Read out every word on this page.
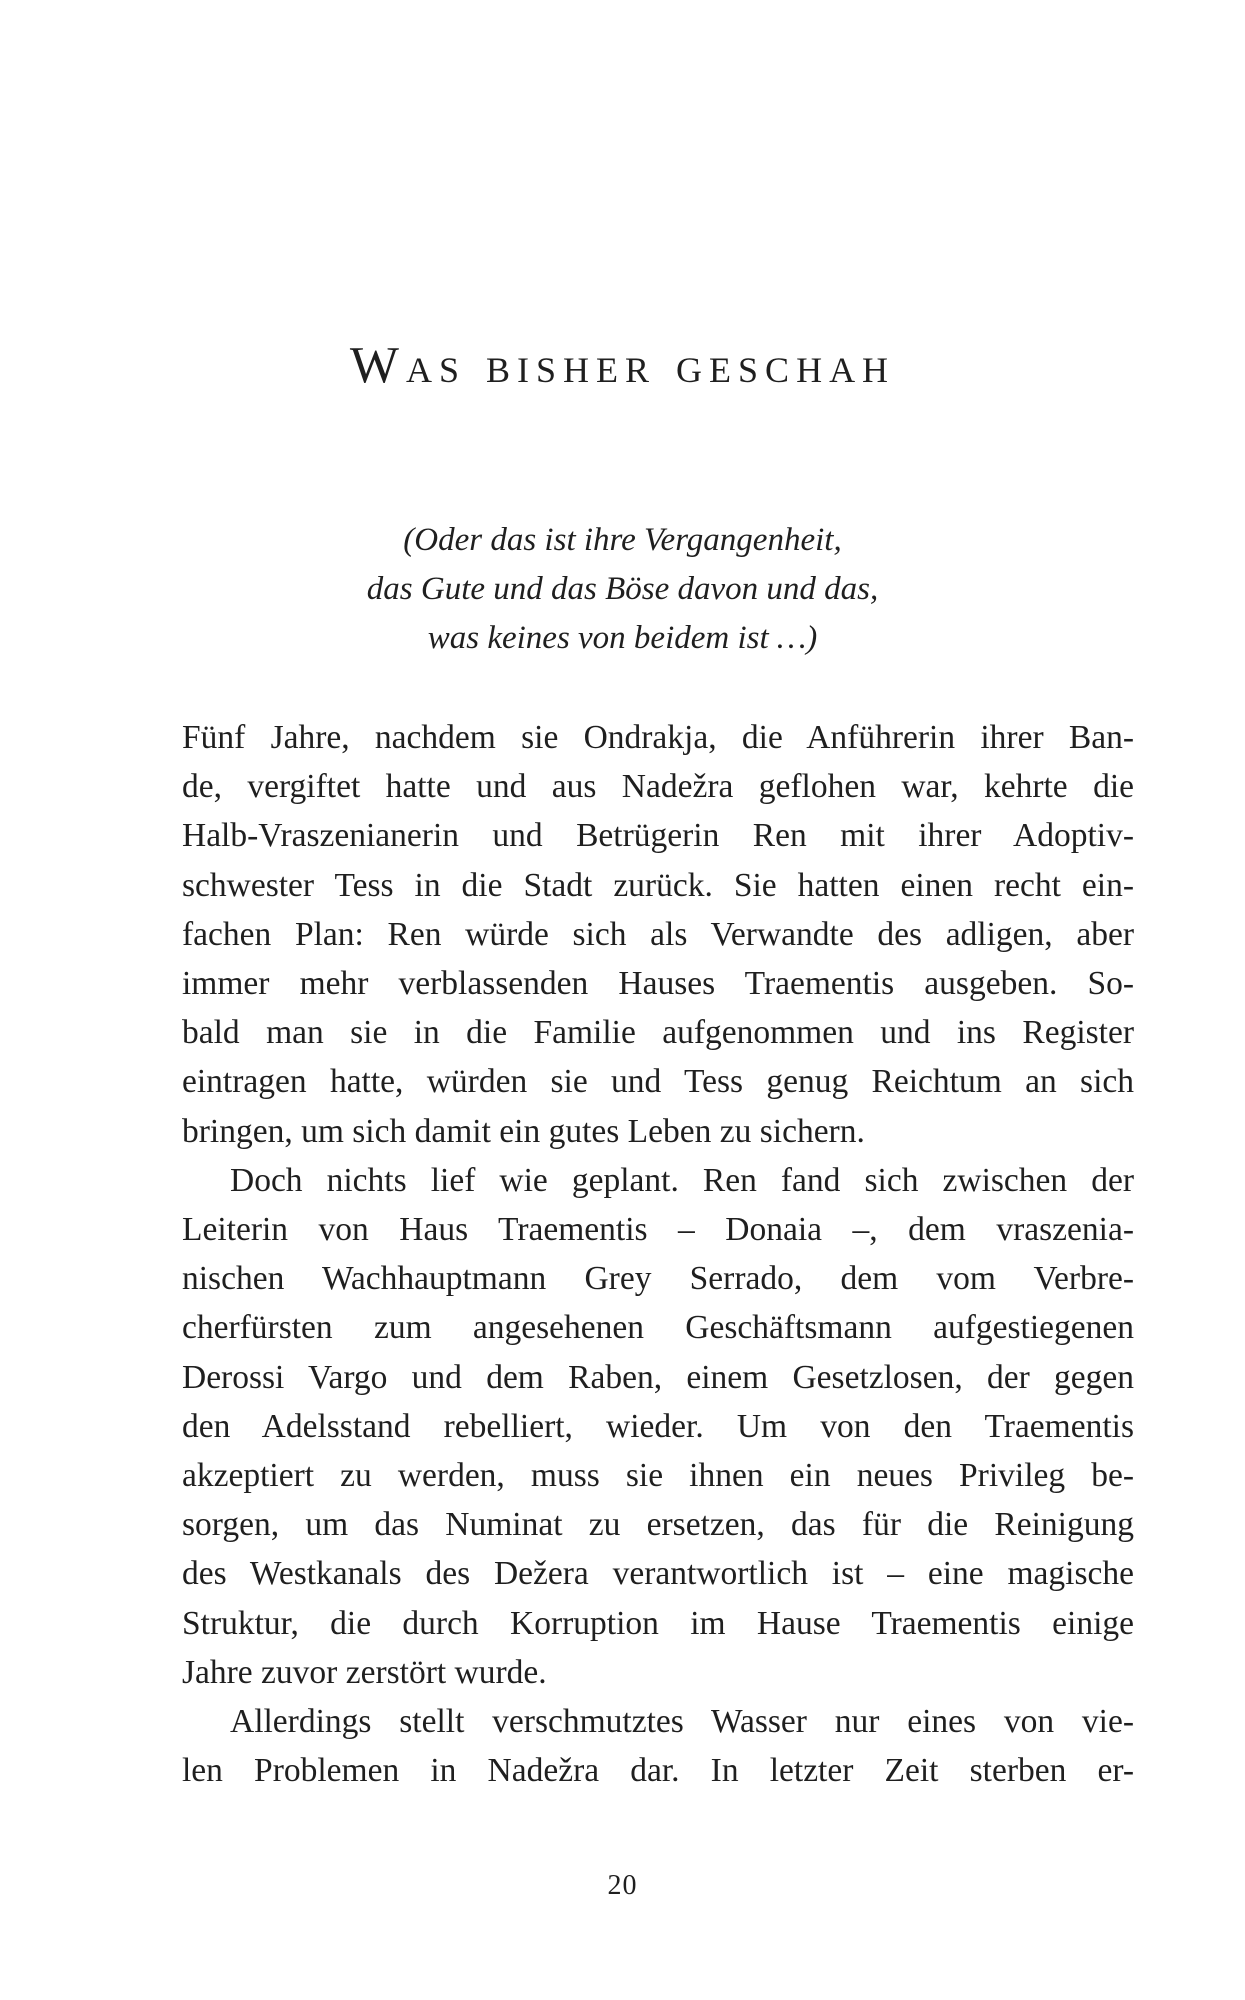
Was bisher geschah
(Oder das ist ihre Vergangenheit,
das Gute und das Böse davon und das,
was keines von beidem ist …)
Fünf Jahre, nachdem sie Ondrakja, die Anführerin ihrer Ban-
de, vergiftet hatte und aus Nadežra geflohen war, kehrte die
Halb-Vraszenianerin und Betrügerin Ren mit ihrer Adoptiv-
schwester Tess in die Stadt zurück. Sie hatten einen recht ein-
fachen Plan: Ren würde sich als Verwandte des adligen, aber
immer mehr verblassenden Hauses Traementis ausgeben. So-
bald man sie in die Familie aufgenommen und ins Register
eintragen hatte, würden sie und Tess genug Reichtum an sich
bringen, um sich damit ein gutes Leben zu sichern.
Doch nichts lief wie geplant. Ren fand sich zwischen der
Leiterin von Haus Traementis – Donaia –, dem vraszenia-
nischen Wachhauptmann Grey Serrado, dem vom Verbre-
cherfürsten zum angesehenen Geschäftsmann aufgestiegenen
Derossi Vargo und dem Raben, einem Gesetzlosen, der gegen
den Adelsstand rebelliert, wieder. Um von den Traementis
akzeptiert zu werden, muss sie ihnen ein neues Privileg be-
sorgen, um das Numinat zu ersetzen, das für die Reinigung
des Westkanals des Dežera verantwortlich ist – eine magische
Struktur, die durch Korruption im Hause Traementis einige
Jahre zuvor zerstört wurde.
Allerdings stellt verschmutztes Wasser nur eines von vie-
len Problemen in Nadežra dar. In letzter Zeit sterben er-
20
